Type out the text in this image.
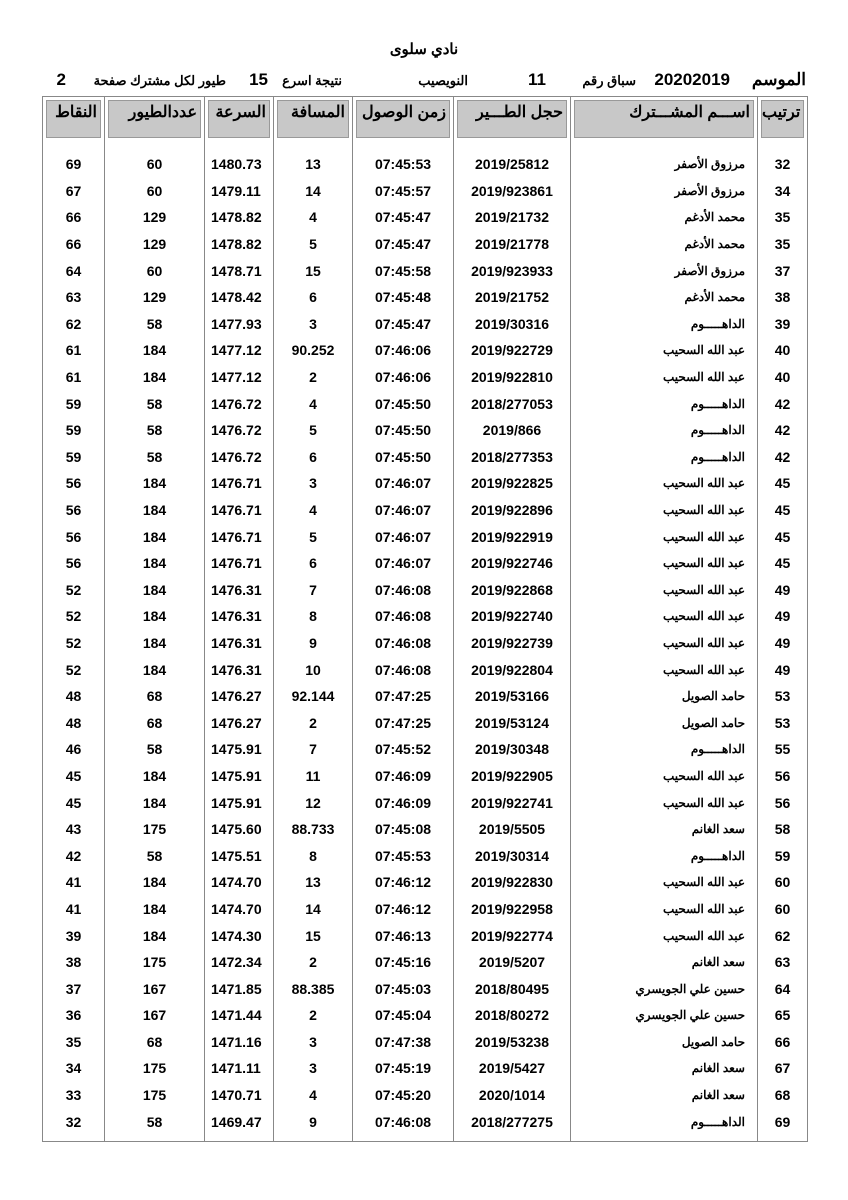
نادي سلوى
الموسم
20202019
سباق رقم
11
النويصيب
نتيجة اسرع
15
طيور لكل مشترك صفحة
2
النقاط	عددالطيور	السرعة	المسافة	زمن الوصول	حجل الطـــير	اســـم المشـــترك	ترتيب

69	60	1480.73	13	07:45:53	2019/25812	مرزوق الأصفر	32
67	60	1479.11	14	07:45:57	2019/923861	مرزوق الأصفر	34
66	129	1478.82	4	07:45:47	2019/21732	محمد الأدغم	35
66	129	1478.82	5	07:45:47	2019/21778	محمد الأدغم	35
64	60	1478.71	15	07:45:58	2019/923933	مرزوق الأصفر	37
63	129	1478.42	6	07:45:48	2019/21752	محمد الأدغم	38
62	58	1477.93	3	07:45:47	2019/30316	الداهـــــوم	39
61	184	1477.12	90.252	07:46:06	2019/922729	عبد الله السحيب	40
61	184	1477.12	2	07:46:06	2019/922810	عبد الله السحيب	40
59	58	1476.72	4	07:45:50	2018/277053	الداهـــــوم	42
59	58	1476.72	5	07:45:50	2019/866	الداهـــــوم	42
59	58	1476.72	6	07:45:50	2018/277353	الداهـــــوم	42
56	184	1476.71	3	07:46:07	2019/922825	عبد الله السحيب	45
56	184	1476.71	4	07:46:07	2019/922896	عبد الله السحيب	45
56	184	1476.71	5	07:46:07	2019/922919	عبد الله السحيب	45
56	184	1476.71	6	07:46:07	2019/922746	عبد الله السحيب	45
52	184	1476.31	7	07:46:08	2019/922868	عبد الله السحيب	49
52	184	1476.31	8	07:46:08	2019/922740	عبد الله السحيب	49
52	184	1476.31	9	07:46:08	2019/922739	عبد الله السحيب	49
52	184	1476.31	10	07:46:08	2019/922804	عبد الله السحيب	49
48	68	1476.27	92.144	07:47:25	2019/53166	حامد الصويل	53
48	68	1476.27	2	07:47:25	2019/53124	حامد الصويل	53
46	58	1475.91	7	07:45:52	2019/30348	الداهـــــوم	55
45	184	1475.91	11	07:46:09	2019/922905	عبد الله السحيب	56
45	184	1475.91	12	07:46:09	2019/922741	عبد الله السحيب	56
43	175	1475.60	88.733	07:45:08	2019/5505	سعد الغانم	58
42	58	1475.51	8	07:45:53	2019/30314	الداهـــــوم	59
41	184	1474.70	13	07:46:12	2019/922830	عبد الله السحيب	60
41	184	1474.70	14	07:46:12	2019/922958	عبد الله السحيب	60
39	184	1474.30	15	07:46:13	2019/922774	عبد الله السحيب	62
38	175	1472.34	2	07:45:16	2019/5207	سعد الغانم	63
37	167	1471.85	88.385	07:45:03	2018/80495	حسين علي الجويسري	64
36	167	1471.44	2	07:45:04	2018/80272	حسين علي الجويسري	65
35	68	1471.16	3	07:47:38	2019/53238	حامد الصويل	66
34	175	1471.11	3	07:45:19	2019/5427	سعد الغانم	67
33	175	1470.71	4	07:45:20	2020/1014	سعد الغانم	68
32	58	1469.47	9	07:46:08	2018/277275	الداهـــــوم	69
